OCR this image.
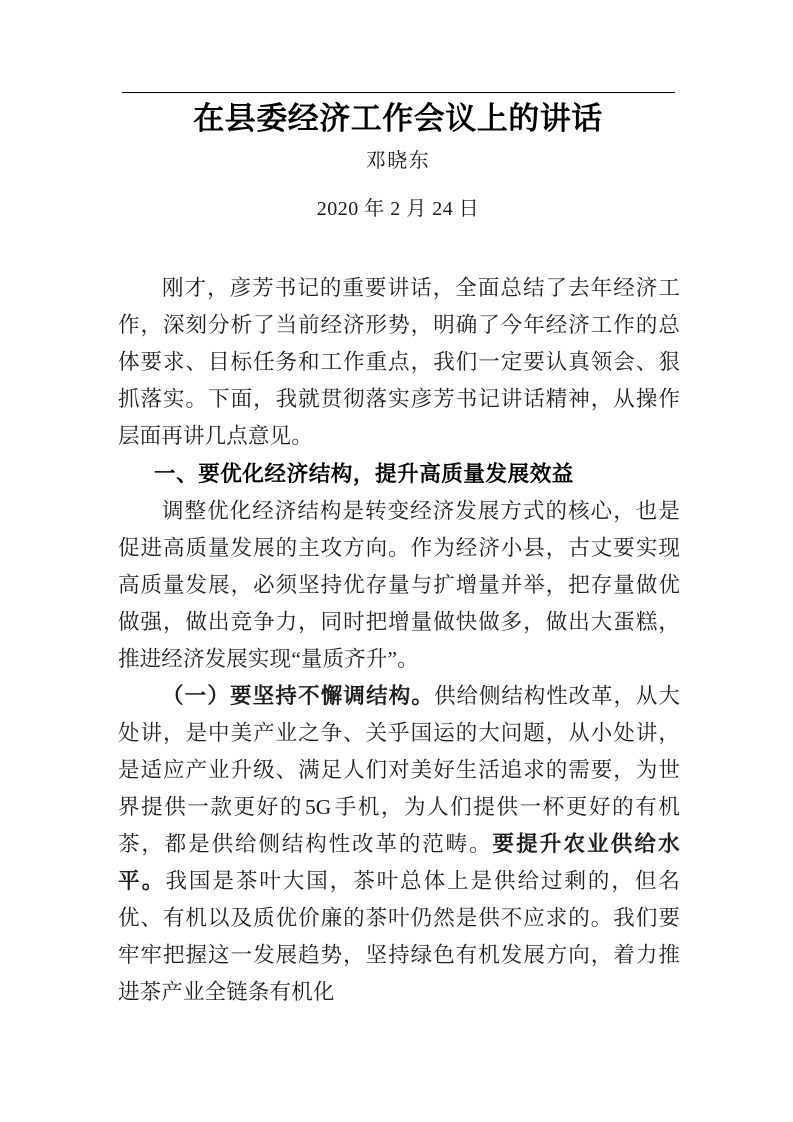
在县委经济工作会议上的讲话
邓晓东
2020 年 2 月 24 日

刚才，彦芳书记的重要讲话，全面总结了去年经济工作，深刻分析了当前经济形势，明确了今年经济工作的总体要求、目标任务和工作重点，我们一定要认真领会、狠抓落实。下面，我就贯彻落实彦芳书记讲话精神，从操作层面再讲几点意见。

一、要优化经济结构，提升高质量发展效益

调整优化经济结构是转变经济发展方式的核心，也是促进高质量发展的主攻方向。作为经济小县，古丈要实现高质量发展，必须坚持优存量与扩增量并举，把存量做优做强，做出竞争力，同时把增量做快做多，做出大蛋糕，推进经济发展实现“量质齐升”。

（一）要坚持不懈调结构。供给侧结构性改革，从大处讲，是中美产业之争、关乎国运的大问题，从小处讲，是适应产业升级、满足人们对美好生活追求的需要，为世界提供一款更好的5G手机，为人们提供一杯更好的有机茶，都是供给侧结构性改革的范畴。要提升农业供给水平。我国是茶叶大国，茶叶总体上是供给过剩的，但名优、有机以及质优价廉的茶叶仍然是供不应求的。我们要牢牢把握这一发展趋势，坚持绿色有机发展方向，着力推进茶产业全链条有机化
